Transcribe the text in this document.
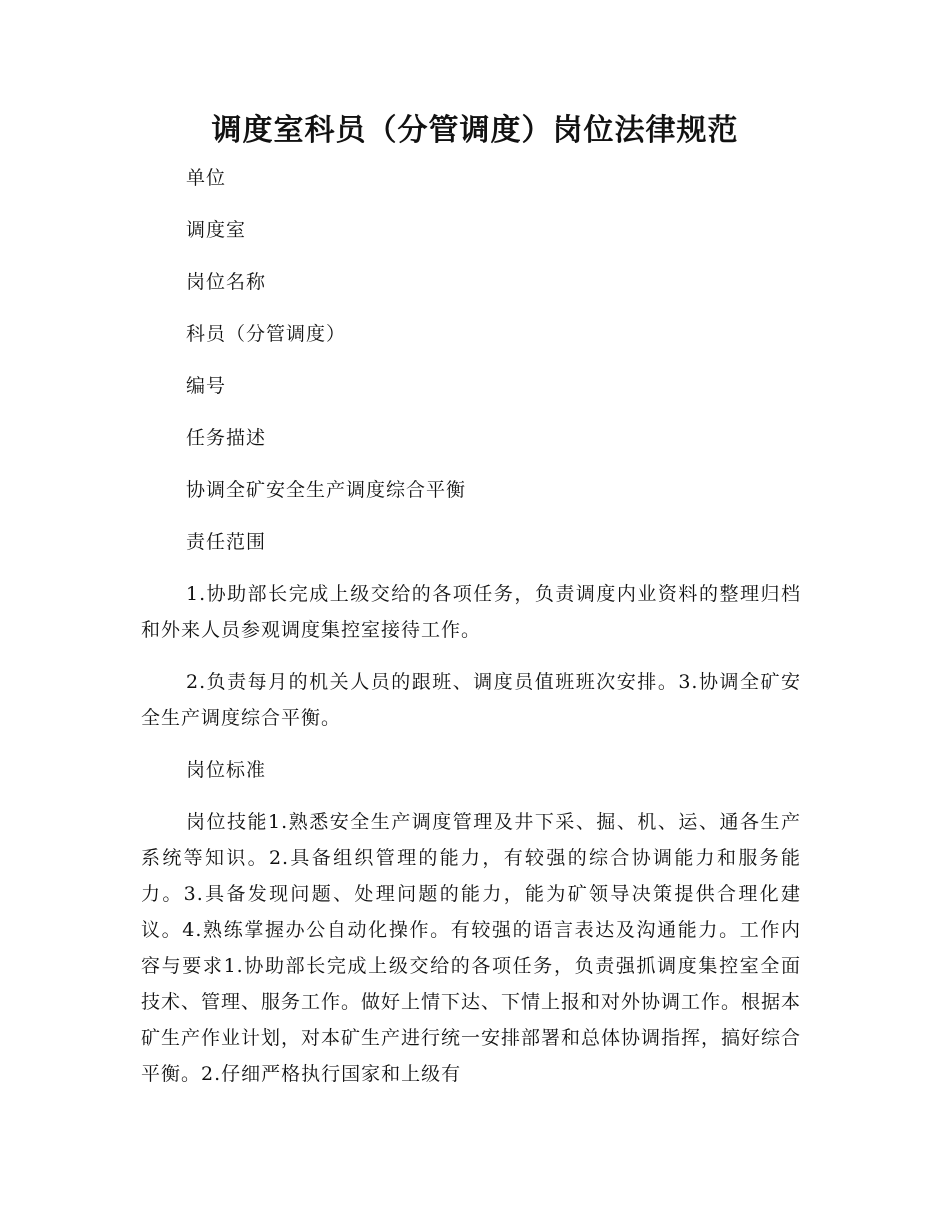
调度室科员（分管调度）岗位法律规范

单位

调度室

岗位名称

科员（分管调度）

编号

任务描述

协调全矿安全生产调度综合平衡

责任范围

1.协助部长完成上级交给的各项任务，负责调度内业资料的整理归档和外来人员参观调度集控室接待工作。

2.负责每月的机关人员的跟班、调度员值班班次安排。3.协调全矿安全生产调度综合平衡。

岗位标准

岗位技能1.熟悉安全生产调度管理及井下采、掘、机、运、通各生产系统等知识。2.具备组织管理的能力，有较强的综合协调能力和服务能力。3.具备发现问题、处理问题的能力，能为矿领导决策提供合理化建议。4.熟练掌握办公自动化操作。有较强的语言表达及沟通能力。工作内容与要求1.协助部长完成上级交给的各项任务，负责强抓调度集控室全面技术、管理、服务工作。做好上情下达、下情上报和对外协调工作。根据本矿生产作业计划，对本矿生产进行统一安排部署和总体协调指挥，搞好综合平衡。2.仔细严格执行国家和上级有
